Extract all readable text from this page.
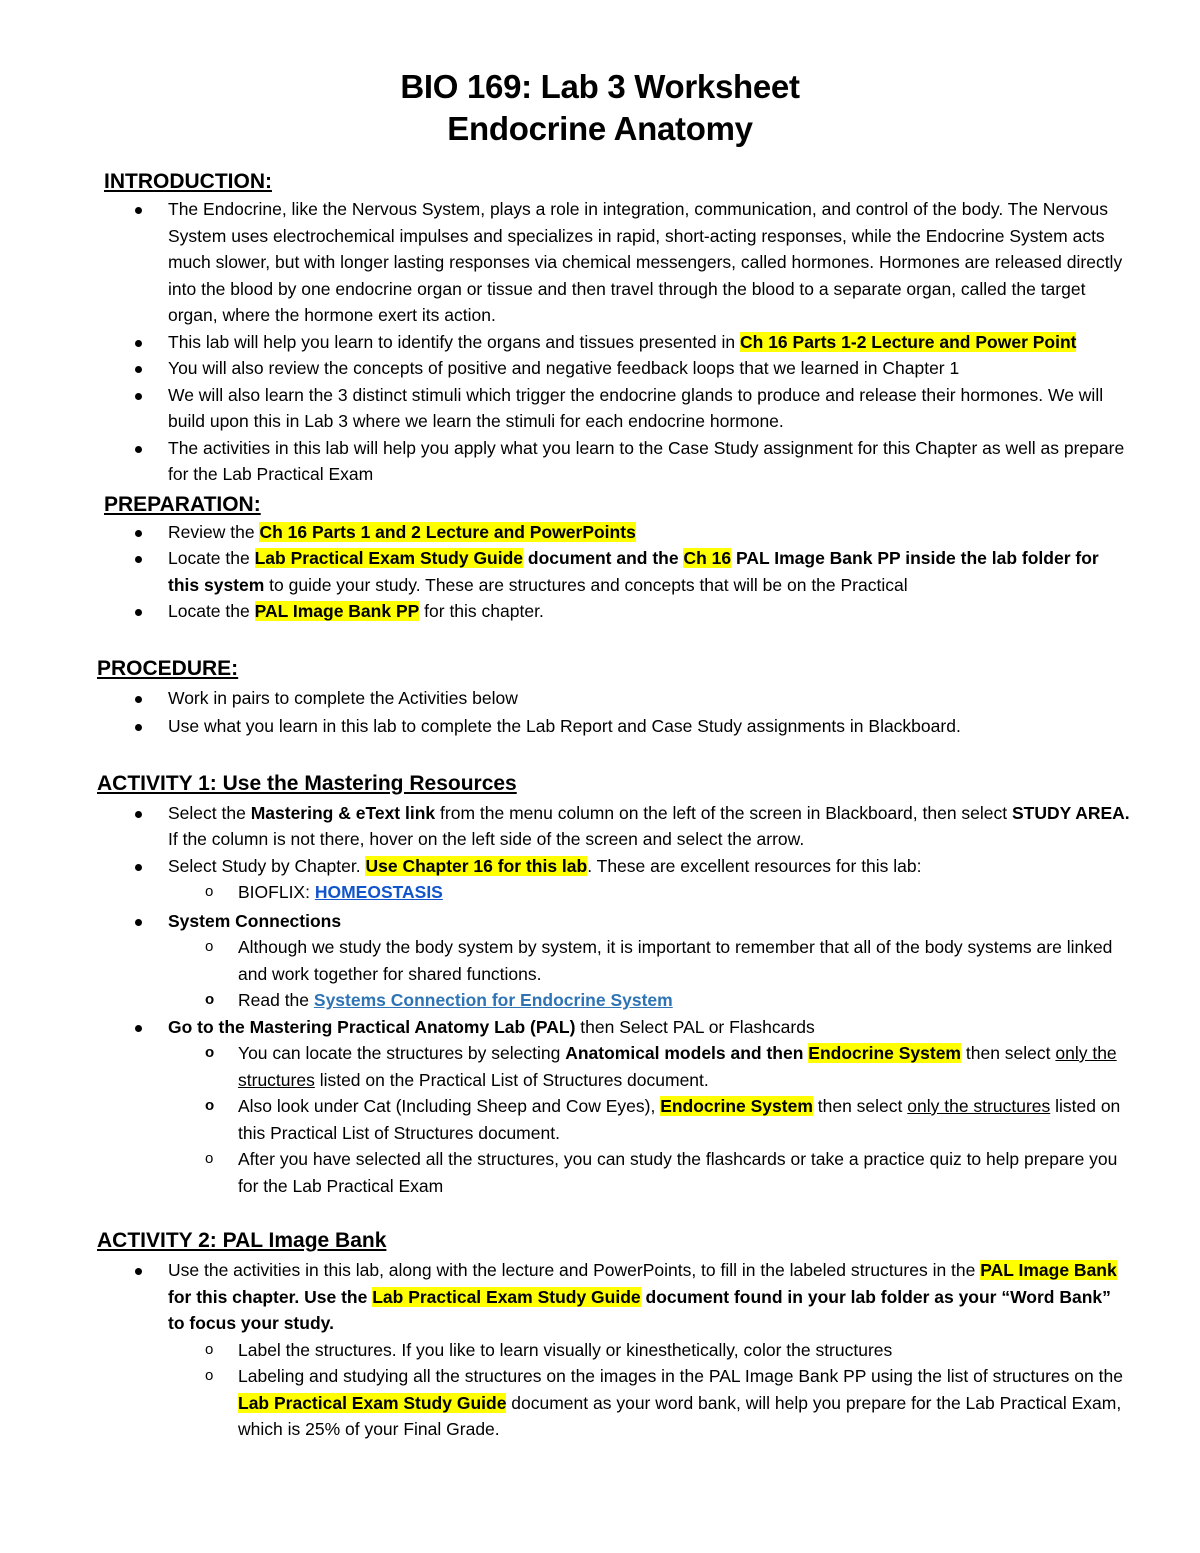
BIO 169: Lab 3 Worksheet
Endocrine Anatomy
INTRODUCTION:
The Endocrine, like the Nervous System, plays a role in integration, communication, and control of the body. The Nervous System uses electrochemical impulses and specializes in rapid, short-acting responses, while the Endocrine System acts much slower, but with longer lasting responses via chemical messengers, called hormones. Hormones are released directly into the blood by one endocrine organ or tissue and then travel through the blood to a separate organ, called the target organ, where the hormone exert its action.
This lab will help you learn to identify the organs and tissues presented in Ch 16 Parts 1-2 Lecture and Power Point
You will also review the concepts of positive and negative feedback loops that we learned in Chapter 1
We will also learn the 3 distinct stimuli which trigger the endocrine glands to produce and release their hormones. We will build upon this in Lab 3 where we learn the stimuli for each endocrine hormone.
The activities in this lab will help you apply what you learn to the Case Study assignment for this Chapter as well as prepare for the Lab Practical Exam
PREPARATION:
Review the Ch 16 Parts 1 and 2 Lecture and PowerPoints
Locate the Lab Practical Exam Study Guide document and the Ch 16 PAL Image Bank PP inside the lab folder for this system to guide your study. These are structures and concepts that will be on the Practical
Locate the PAL Image Bank PP for this chapter.
PROCEDURE:
Work in pairs to complete the Activities below
Use what you learn in this lab to complete the Lab Report and Case Study assignments in Blackboard.
ACTIVITY 1: Use the Mastering Resources
Select the Mastering & eText link from the menu column on the left of the screen in Blackboard, then select STUDY AREA. If the column is not there, hover on the left side of the screen and select the arrow.
Select Study by Chapter. Use Chapter 16 for this lab. These are excellent resources for this lab:
o BIOFLIX: HOMEOSTASIS
System Connections
o Although we study the body system by system, it is important to remember that all of the body systems are linked and work together for shared functions.
o Read the Systems Connection for Endocrine System
Go to the Mastering Practical Anatomy Lab (PAL) then Select PAL or Flashcards
o You can locate the structures by selecting Anatomical models and then Endocrine System then select only the structures listed on the Practical List of Structures document.
o Also look under Cat (Including Sheep and Cow Eyes), Endocrine System then select only the structures listed on this Practical List of Structures document.
o After you have selected all the structures, you can study the flashcards or take a practice quiz to help prepare you for the Lab Practical Exam
ACTIVITY 2: PAL Image Bank
Use the activities in this lab, along with the lecture and PowerPoints, to fill in the labeled structures in the PAL Image Bank for this chapter. Use the Lab Practical Exam Study Guide document found in your lab folder as your “Word Bank” to focus your study.
o Label the structures. If you like to learn visually or kinesthetically, color the structures
o Labeling and studying all the structures on the images in the PAL Image Bank PP using the list of structures on the Lab Practical Exam Study Guide document as your word bank, will help you prepare for the Lab Practical Exam, which is 25% of your Final Grade.
